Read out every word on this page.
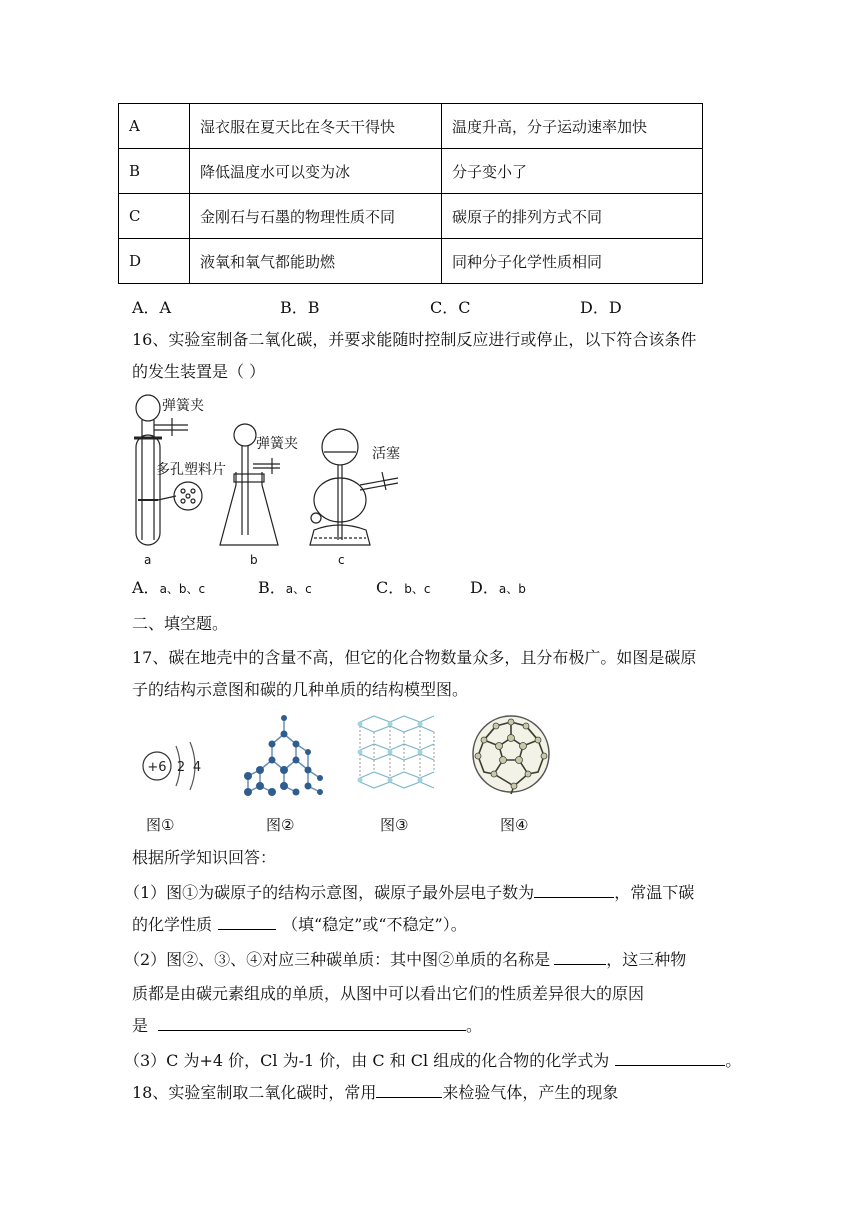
A	湿衣服在夏天比在冬天干得快	温度升高，分子运动速率加快
B	降低温度水可以变为冰	分子变小了
C	金刚石与石墨的物理性质不同	碳原子的排列方式不同
D	液氧和氧气都能助燃	同种分子化学性质相同
A．A	B．B	C．C	D．D
16、实验室制备二氧化碳，并要求能随时控制反应进行或停止，以下符合该条件
的发生装置是（ ）
弹簧夹
多孔塑料片
a
弹簧夹
b
活塞
c
A．a、b、c	B．a、c	C．b、c D．a、b
二、填空题。
17、碳在地壳中的含量不高，但它的化合物数量众多，且分布极广。如图是碳原
子的结构示意图和碳的几种单质的结构模型图。
+6 2 4
图①	图②	图③	图④
根据所学知识回答：
（1）图①为碳原子的结构示意图，碳原子最外层电子数为	，常温下碳
的化学性质	（填“稳定”或“不稳定”）。
（2）图②、③、④对应三种碳单质：其中图②单质的名称是	，这三种物
质都是由碳元素组成的单质，从图中可以看出它们的性质差异很大的原因
是	。
（3）C 为+4 价，Cl 为-1 价，由 C 和 Cl 组成的化合物的化学式为	。
18、实验室制取二氧化碳时，常用	来检验气体，产生的现象
